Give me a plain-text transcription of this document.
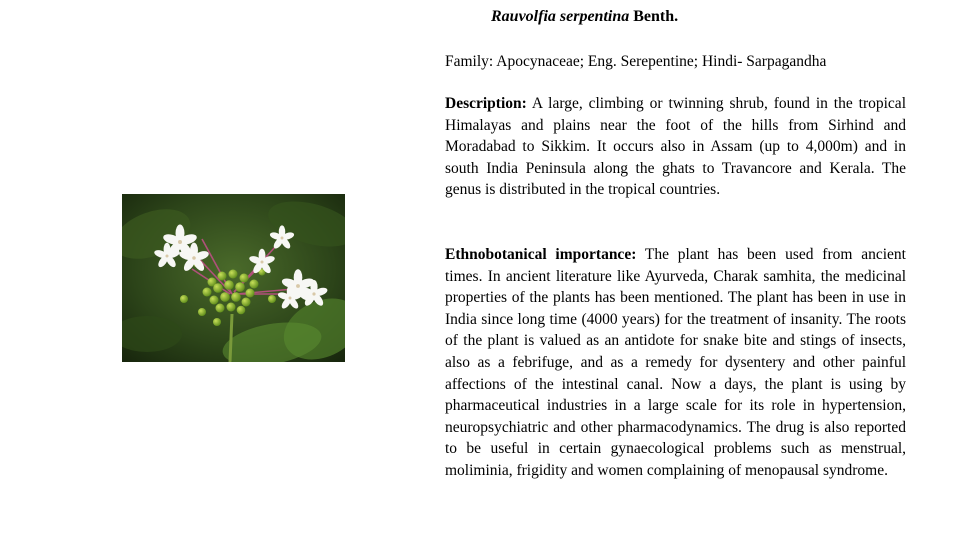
Rauvolfia serpentina Benth.
Family: Apocynaceae; Eng. Serepentine; Hindi- Sarpagandha
Description: A large, climbing or twinning shrub, found in the tropical Himalayas and plains near the foot of the hills from Sirhind and Moradabad to Sikkim. It occurs also in Assam (up to 4,000m) and in south India Peninsula along the ghats to Travancore and Kerala. The genus is distributed in the tropical countries.
Ethnobotanical importance: The plant has been used from ancient times. In ancient literature like Ayurveda, Charak samhita, the medicinal properties of the plants has been mentioned. The plant has been in use in India since long time (4000 years) for the treatment of insanity. The roots of the plant is valued as an antidote for snake bite and stings of insects, also as a febrifuge, and as a remedy for dysentery and other painful affections of the intestinal canal. Now a days, the plant is using by pharmaceutical industries in a large scale for its role in hypertension, neuropsychiatric and other pharmacodynamics. The drug is also reported to be useful in certain gynaecological problems such as menstrual, moliminia, frigidity and women complaining of menopausal syndrome.
